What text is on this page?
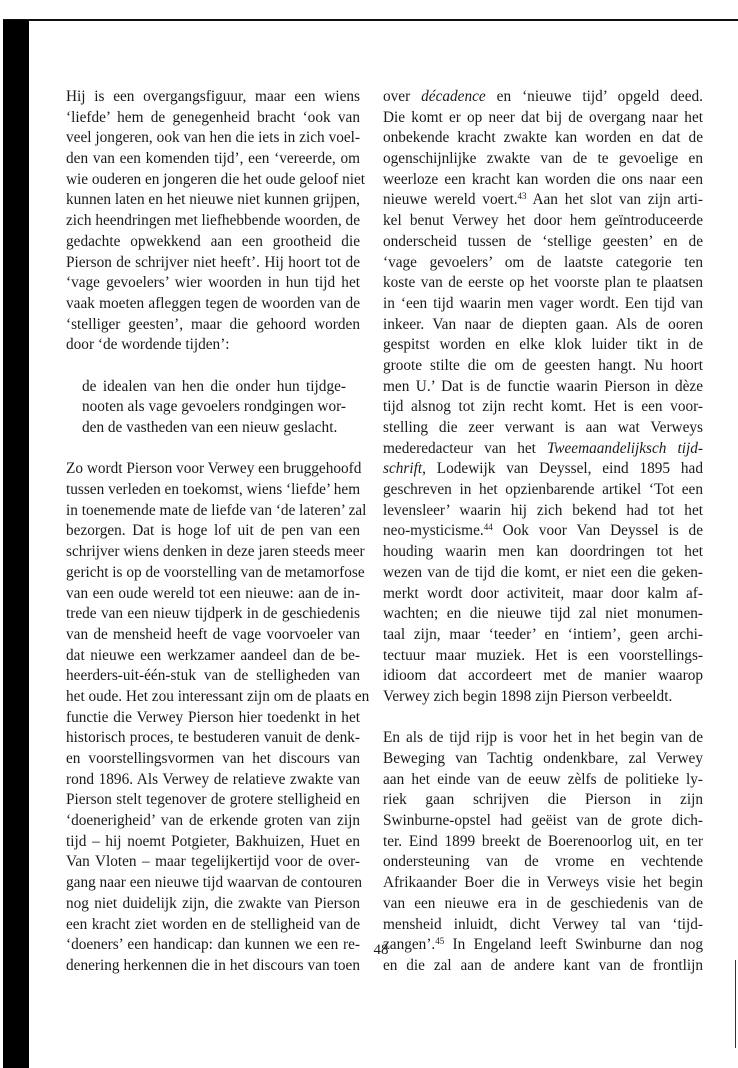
Hij is een overgangsfiguur, maar een wiens
‘liefde’ hem de genegenheid bracht ‘ook van
veel jongeren, ook van hen die iets in zich voel-
den van een komenden tijd’, een ‘vereerde, om
wie ouderen en jongeren die het oude geloof niet
kunnen laten en het nieuwe niet kunnen grijpen,
zich heendringen met liefhebbende woorden, de
gedachte opwekkend aan een grootheid die
Pierson de schrijver niet heeft’. Hij hoort tot de
‘vage gevoelers’ wier woorden in hun tijd het
vaak moeten afleggen tegen de woorden van de
‘stelliger geesten’, maar die gehoord worden
door ‘de wordende tijden’:
de idealen van hen die onder hun tijdge-
nooten als vage gevoelers rondgingen wor-
den de vastheden van een nieuw geslacht.
Zo wordt Pierson voor Verwey een bruggehoofd
tussen verleden en toekomst, wiens ‘liefde’ hem
in toenemende mate de liefde van ‘de lateren’ zal
bezorgen. Dat is hoge lof uit de pen van een
schrijver wiens denken in deze jaren steeds meer
gericht is op de voorstelling van de metamorfose
van een oude wereld tot een nieuwe: aan de in-
trede van een nieuw tijdperk in de geschiedenis
van de mensheid heeft de vage voorvoeler van
dat nieuwe een werkzamer aandeel dan de be-
heerders-uit-één-stuk van de stelligheden van
het oude. Het zou interessant zijn om de plaats en
functie die Verwey Pierson hier toedenkt in het
historisch proces, te bestuderen vanuit de denk-
en voorstellingsvormen van het discours van
rond 1896. Als Verwey de relatieve zwakte van
Pierson stelt tegenover de grotere stelligheid en
‘doenerigheid’ van de erkende groten van zijn
tijd – hij noemt Potgieter, Bakhuizen, Huet en
Van Vloten – maar tegelijkertijd voor de over-
gang naar een nieuwe tijd waarvan de contouren
nog niet duidelijk zijn, die zwakte van Pierson
een kracht ziet worden en de stelligheid van de
‘doeners’ een handicap: dan kunnen we een re-
denering herkennen die in het discours van toen
over décadence en ‘nieuwe tijd’ opgeld deed.
Die komt er op neer dat bij de overgang naar het
onbekende kracht zwakte kan worden en dat de
ogenschijnlijke zwakte van de te gevoelige en
weerloze een kracht kan worden die ons naar een
nieuwe wereld voert.$^{43}$ Aan het slot van zijn arti-
kel benut Verwey het door hem geïntroduceerde
onderscheid tussen de ‘stellige geesten’ en de
‘vage gevoelers’ om de laatste categorie ten
koste van de eerste op het voorste plan te plaatsen
in ‘een tijd waarin men vager wordt. Een tijd van
inkeer. Van naar de diepten gaan. Als de ooren
gespitst worden en elke klok luider tikt in de
groote stilte die om de geesten hangt. Nu hoort
men U.’ Dat is de functie waarin Pierson in dèze
tijd alsnog tot zijn recht komt. Het is een voor-
stelling die zeer verwant is aan wat Verweys
mederedacteur van het Tweemaandelijksch tijd-
schrift, Lodewijk van Deyssel, eind 1895 had
geschreven in het opzienbarende artikel ‘Tot een
levensleer’ waarin hij zich bekend had tot het
neo-mysticisme.$^{44}$ Ook voor Van Deyssel is de
houding waarin men kan doordringen tot het
wezen van de tijd die komt, er niet een die geken-
merkt wordt door activiteit, maar door kalm af-
wachten; en die nieuwe tijd zal niet monumen-
taal zijn, maar ‘teeder’ en ‘intiem’, geen archi-
tectuur maar muziek. Het is een voorstellings-
idioom dat accordeert met de manier waarop
Verwey zich begin 1898 zijn Pierson verbeeldt.
En als de tijd rijp is voor het in het begin van de
Beweging van Tachtig ondenkbare, zal Verwey
aan het einde van de eeuw zèlfs de politieke ly-
riek gaan schrijven die Pierson in zijn
Swinburne-opstel had geëist van de grote dich-
ter. Eind 1899 breekt de Boerenoorlog uit, en ter
ondersteuning van de vrome en vechtende
Afrikaander Boer die in Verweys visie het begin
van een nieuwe era in de geschiedenis van de
mensheid inluidt, dicht Verwey tal van ‘tijd-
zangen’.$^{45}$ In Engeland leeft Swinburne dan nog
en die zal aan de andere kant van de frontlijn
48
